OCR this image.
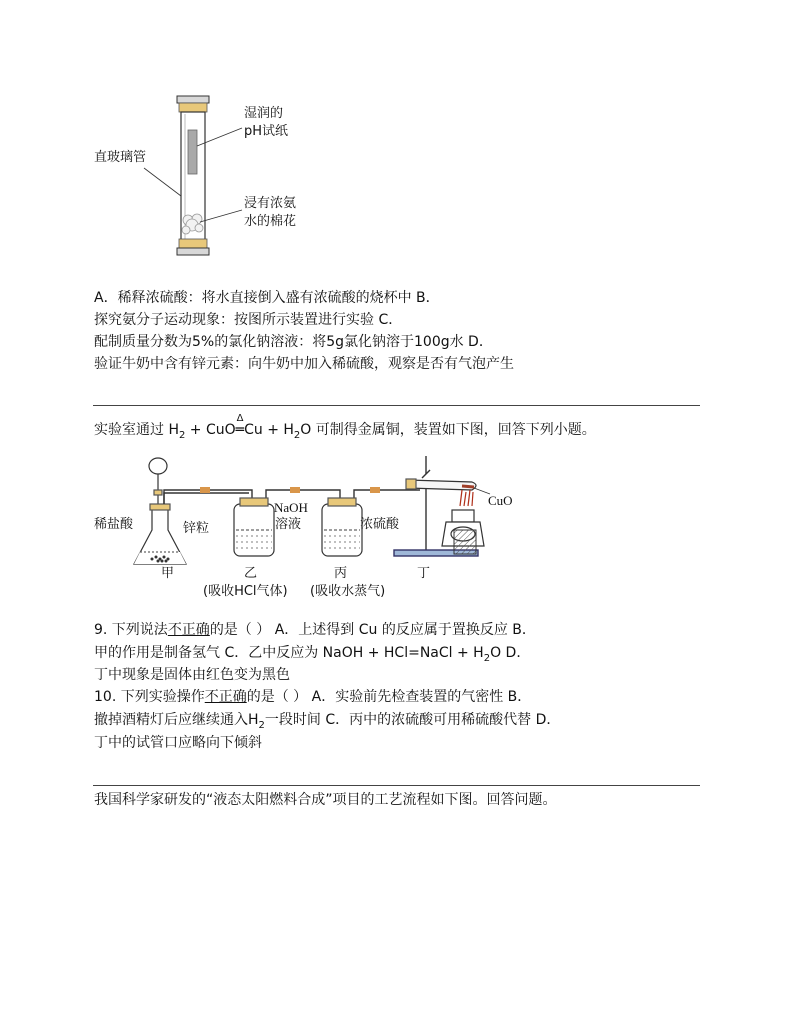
直玻璃管
湿润的
pH试纸
浸有浓氨
水的棉花
A．稀释浓硫酸：将水直接倒入盛有浓硫酸的烧杯中 B．
探究氨分子运动现象：按图所示装置进行实验 C．
配制质量分数为5%的氯化钠溶液：将5g氯化钠溶于100g水 D．
验证牛奶中含有锌元素：向牛奶中加入稀硫酸，观察是否有气泡产生
实验室通过 $H_2$ + CuO
Δ
═Cu + $H_2O$ 可制得金属铜，装置如下图，回答下列小题。
稀盐酸	锌粒
NaOH
溶液	浓硫酸
CuO
甲	乙	丙	丁
(吸收HCl气体) (吸收水蒸气)
9. 下列说法不正确的是（ ） A．上述得到 Cu 的反应属于置换反应 B．
甲的作用是制备氢气 C．乙中反应为 NaOH + HCl=NaCl + $H_2O$ D．
丁中现象是固体由红色变为黑色
10. 下列实验操作不正确的是（ ） A．实验前先检查装置的气密性 B．
撤掉酒精灯后应继续通入$H_2$一段时间 C．丙中的浓硫酸可用稀硫酸代替 D．
丁中的试管口应略向下倾斜
我国科学家研发的“液态太阳燃料合成”项目的工艺流程如下图。回答问题。
